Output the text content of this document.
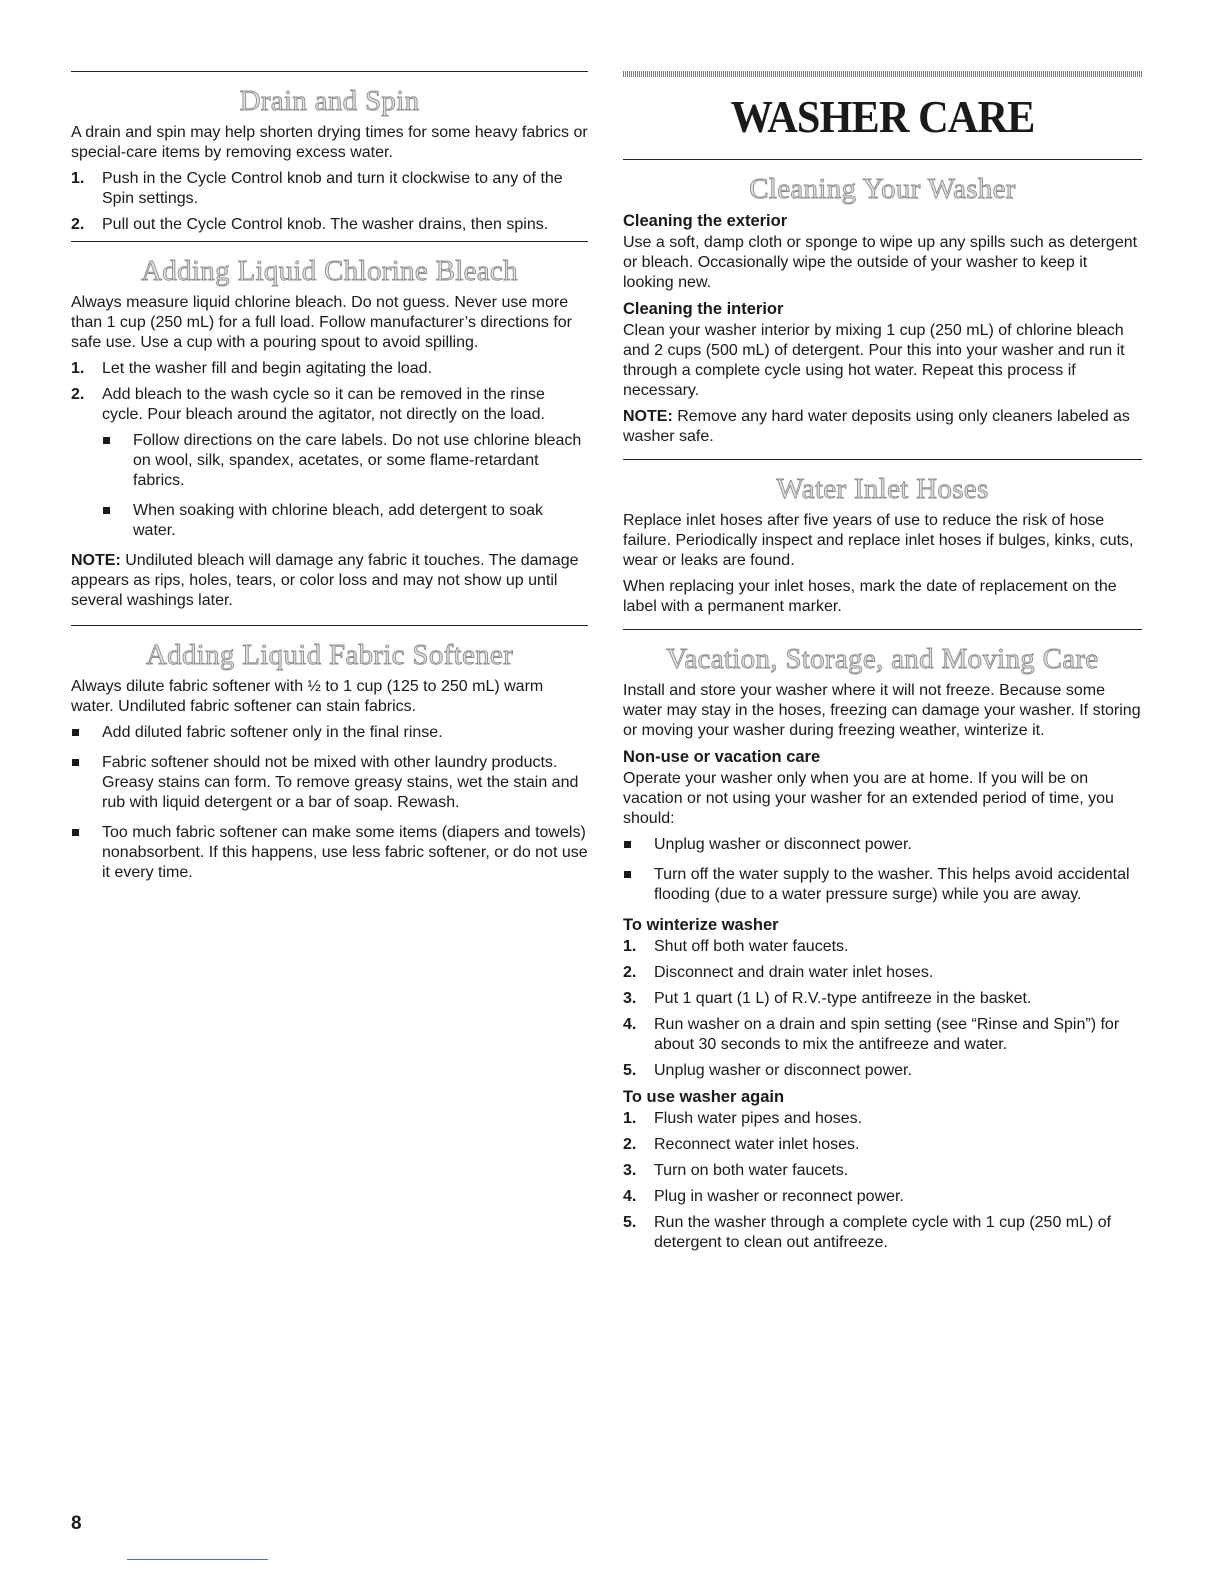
Drain and Spin

A drain and spin may help shorten drying times for some heavy fabrics or special-care items by removing excess water.

1. Push in the Cycle Control knob and turn it clockwise to any of the Spin settings.
2. Pull out the Cycle Control knob. The washer drains, then spins.
Adding Liquid Chlorine Bleach

Always measure liquid chlorine bleach. Do not guess. Never use more than 1 cup (250 mL) for a full load. Follow manufacturer’s directions for safe use. Use a cup with a pouring spout to avoid spilling.

1. Let the washer fill and begin agitating the load.
2. Add bleach to the wash cycle so it can be removed in the rinse cycle. Pour bleach around the agitator, not directly on the load.
Follow directions on the care labels. Do not use chlorine bleach on wool, silk, spandex, acetates, or some flame-retardant fabrics.
When soaking with chlorine bleach, add detergent to soak water.

NOTE: Undiluted bleach will damage any fabric it touches. The damage appears as rips, holes, tears, or color loss and may not show up until several washings later.

Adding Liquid Fabric Softener

Always dilute fabric softener with ½ to 1 cup (125 to 250 mL) warm water. Undiluted fabric softener can stain fabrics.

Add diluted fabric softener only in the final rinse.
Fabric softener should not be mixed with other laundry products. Greasy stains can form. To remove greasy stains, wet the stain and rub with liquid detergent or a bar of soap. Rewash.
Too much fabric softener can make some items (diapers and towels) nonabsorbent. If this happens, use less fabric softener, or do not use it every time.
WASHER CARE
Cleaning Your Washer
Cleaning the exterior

Use a soft, damp cloth or sponge to wipe up any spills such as detergent or bleach. Occasionally wipe the outside of your washer to keep it looking new.

Cleaning the interior

Clean your washer interior by mixing 1 cup (250 mL) of chlorine bleach and 2 cups (500 mL) of detergent. Pour this into your washer and run it through a complete cycle using hot water. Repeat this process if necessary.

NOTE: Remove any hard water deposits using only cleaners labeled as washer safe.

Water Inlet Hoses

Replace inlet hoses after five years of use to reduce the risk of hose failure. Periodically inspect and replace inlet hoses if bulges, kinks, cuts, wear or leaks are found.

When replacing your inlet hoses, mark the date of replacement on the label with a permanent marker.

Vacation, Storage, and Moving Care

Install and store your washer where it will not freeze. Because some water may stay in the hoses, freezing can damage your washer. If storing or moving your washer during freezing weather, winterize it.

Non-use or vacation care

Operate your washer only when you are at home. If you will be on vacation or not using your washer for an extended period of time, you should:

Unplug washer or disconnect power.
Turn off the water supply to the washer. This helps avoid accidental flooding (due to a water pressure surge) while you are away.
To winterize washer
1. Shut off both water faucets.
2. Disconnect and drain water inlet hoses.
3. Put 1 quart (1 L) of R.V.-type antifreeze in the basket.
4. Run washer on a drain and spin setting (see “Rinse and Spin”) for about 30 seconds to mix the antifreeze and water.
5. Unplug washer or disconnect power.
To use washer again
1. Flush water pipes and hoses.
2. Reconnect water inlet hoses.
3. Turn on both water faucets.
4. Plug in washer or reconnect power.
5. Run the washer through a complete cycle with 1 cup (250 mL) of detergent to clean out antifreeze.
8
